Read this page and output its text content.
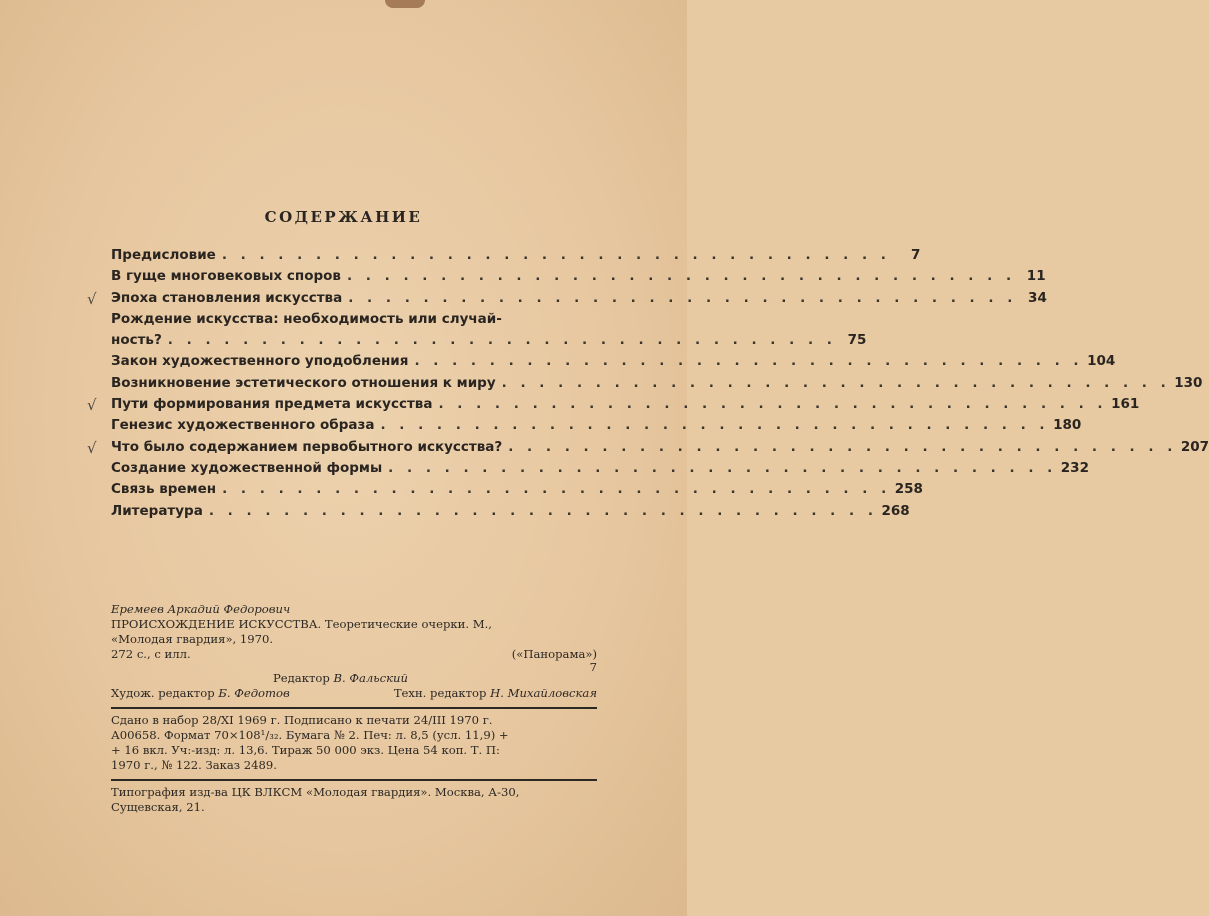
СОДЕРЖАНИЕ
Предисловие . . . . . . . . . . . . . . . . . . . . . . . . . . . . . . . . . . . .	7
В гуще многовековых споров . . . . . . . . . . . . . . . . . . . . . . . . . . . . . . . . . . . . 11
√ Эпоха становления искусства . . . . . . . . . . . . . . . . . . . . . . . . . . . . . . . . . . . . 34
Рождение искусства: необходимость или случай-
ность? . . . . . . . . . . . . . . . . . . . . . . . . . . . . . . . . . . . . 75
Закон художественного уподобления . . . . . . . . . . . . . . . . . . . . . . . . . . . . . . . . . . . . 104
Возникновение эстетического отношения к миру . . . . . . . . . . . . . . . . . . . . . . . . . . . . . . . . . . . . 130
√ Пути формирования предмета искусства . . . . . . . . . . . . . . . . . . . . . . . . . . . . . . . . . . . . 161
Генезис художественного образа . . . . . . . . . . . . . . . . . . . . . . . . . . . . . . . . . . . . 180
√ Что было содержанием первобытного искусства? . . . . . . . . . . . . . . . . . . . . . . . . . . . . . . . . . . . . 207
Создание художественной формы . . . . . . . . . . . . . . . . . . . . . . . . . . . . . . . . . . . . 232
Связь времен . . . . . . . . . . . . . . . . . . . . . . . . . . . . . . . . . . . . 258
Литература . . . . . . . . . . . . . . . . . . . . . . . . . . . . . . . . . . . . 268
Еремеев Аркадий Федорович
ПРОИСХОЖДЕНИЕ ИСКУССТВА. Теоретические очерки. М.,
«Молодая гвардия», 1970.
272 с., с илл.	(«Панорама»)
7
Редактор В. Фальский
Худож. редактор Б. Федотов	Техн. редактор Н. Михайловская
Сдано в набор 28/XI 1969 г. Подписано к печати 24/III 1970 г.
А00658. Формат 70×108¹/₃₂. Бумага № 2. Печ: л. 8,5 (усл. 11,9) +
+ 16 вкл. Уч:-изд: л. 13,6. Тираж 50 000 экз. Цена 54 коп. Т. П:
1970 г., № 122. Заказ 2489.
Типография изд-ва ЦК ВЛКСМ «Молодая гвардия». Москва, А-30,
Сущевская, 21.
